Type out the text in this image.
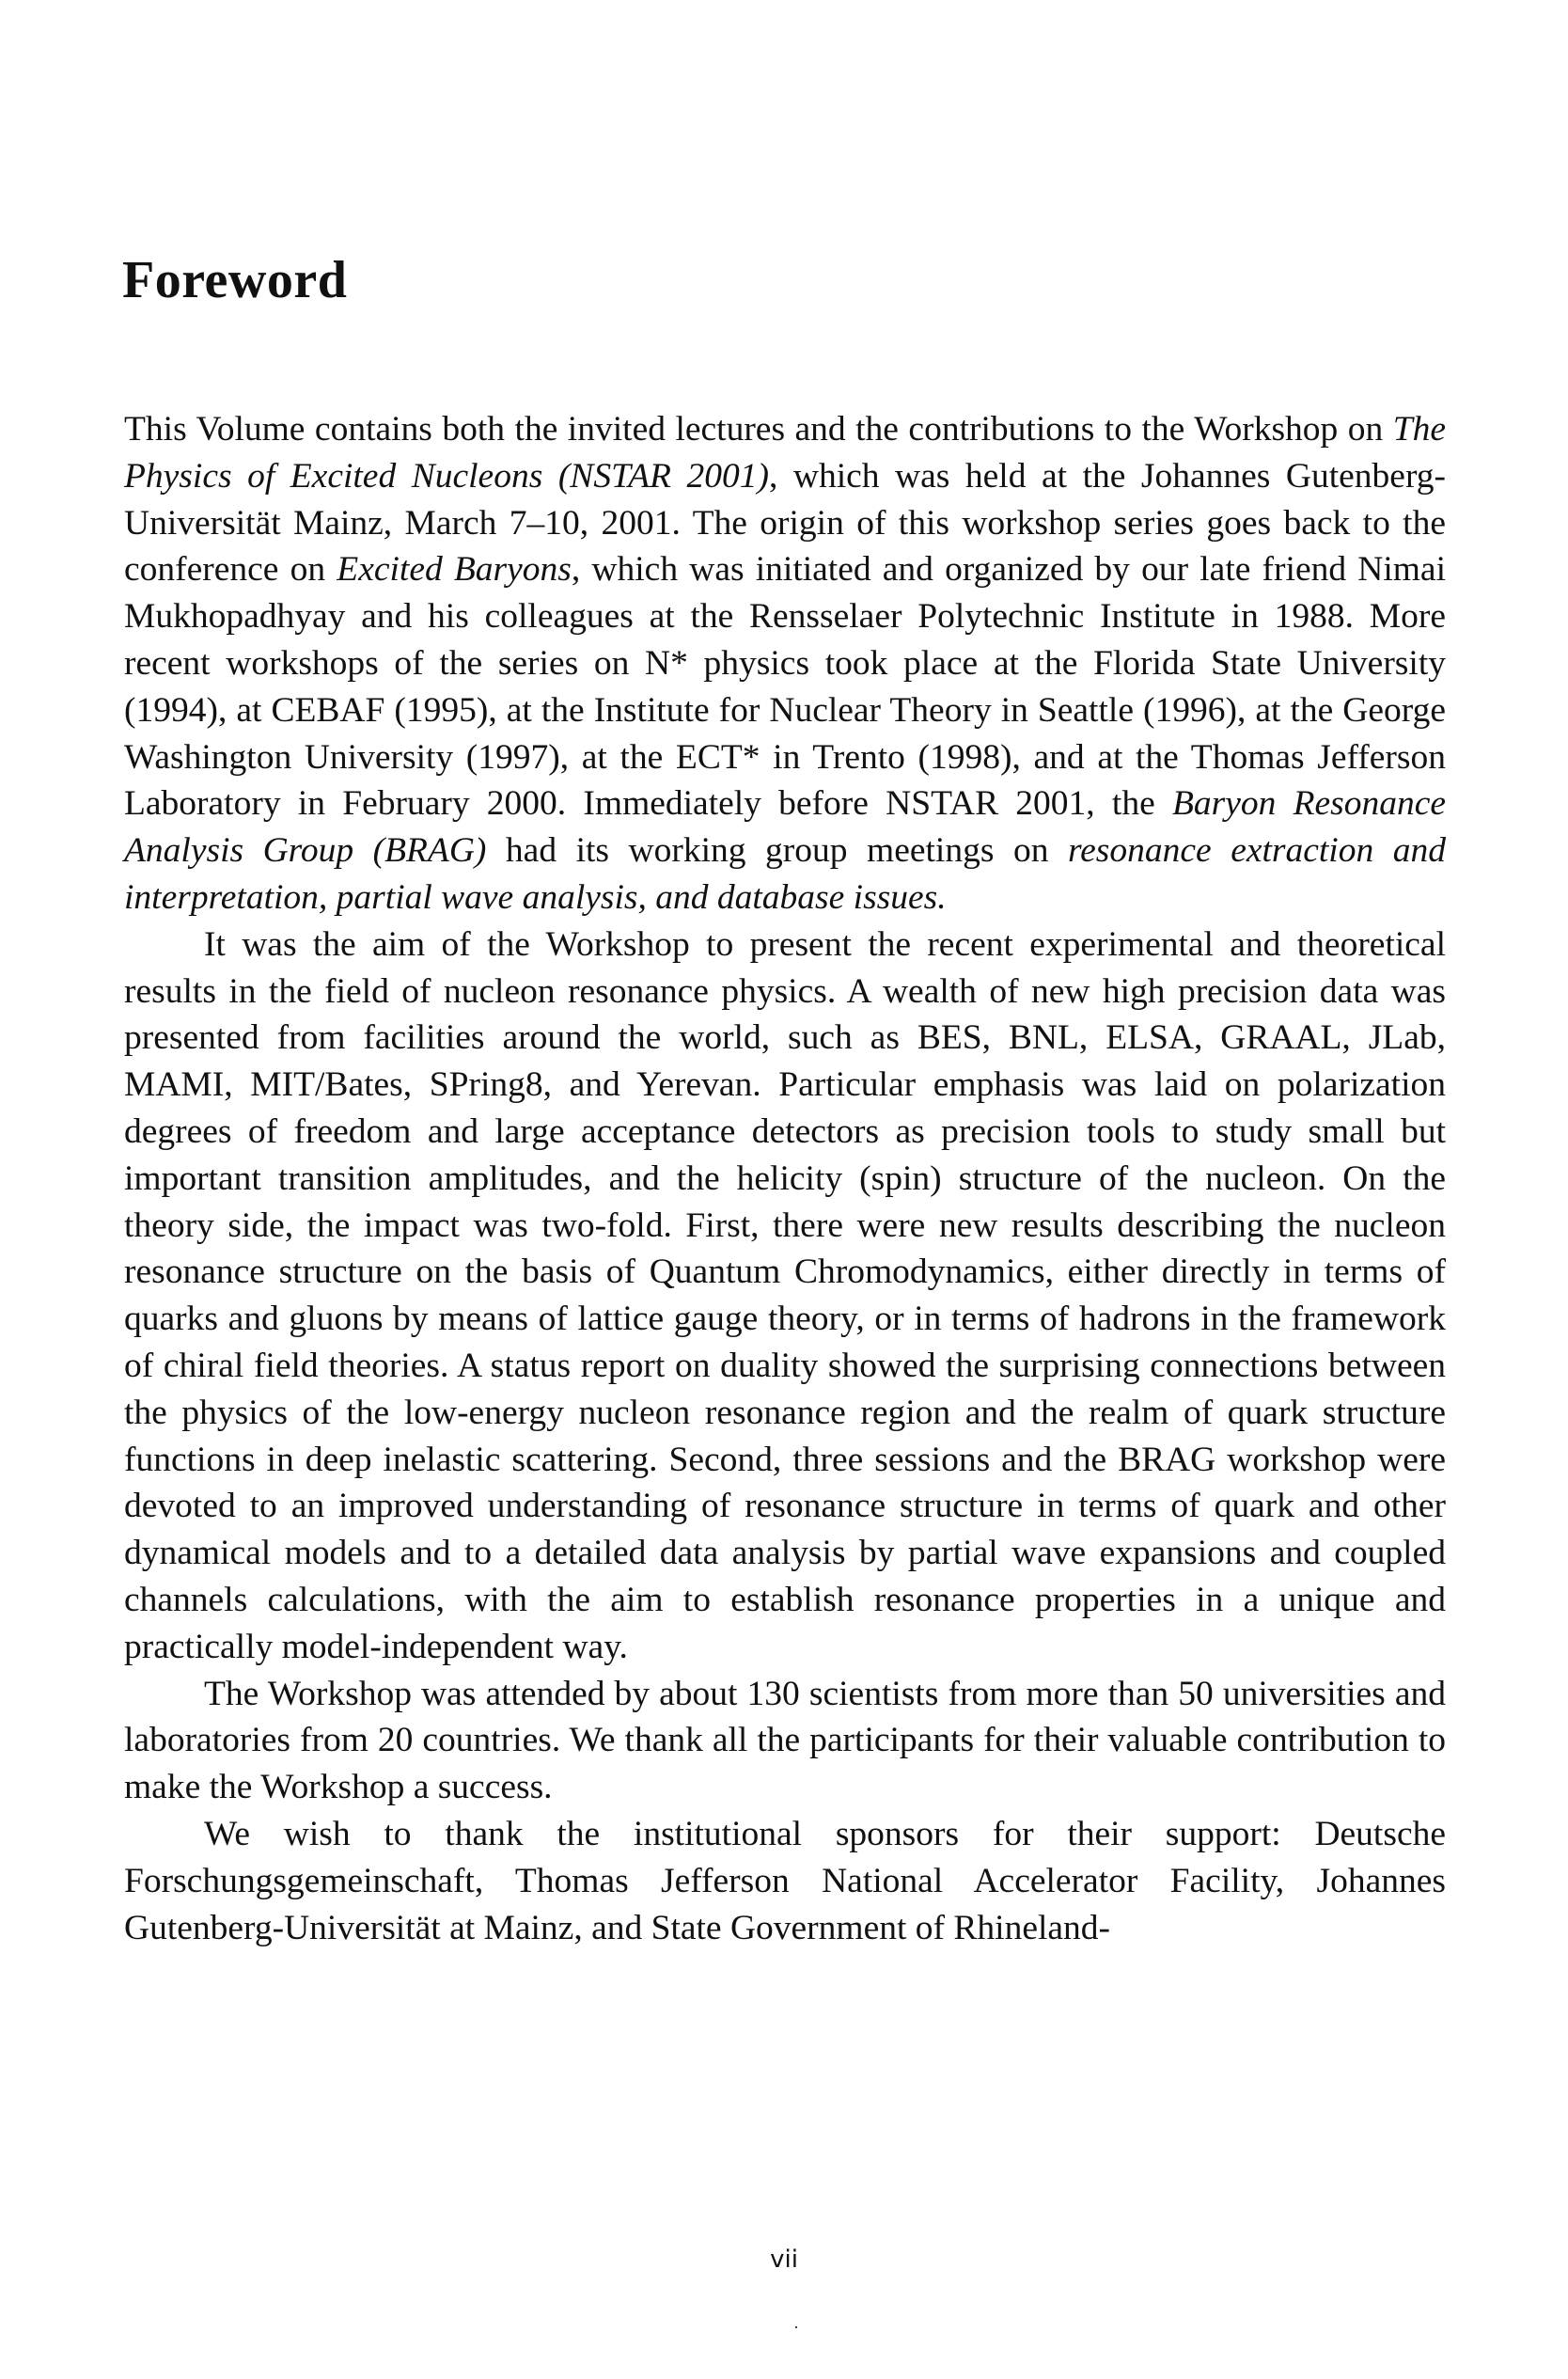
Foreword

This Volume contains both the invited lectures and the contributions to the Workshop on The Physics of Excited Nucleons (NSTAR 2001), which was held at the Johannes Gutenberg-Universität Mainz, March 7–10, 2001. The origin of this workshop series goes back to the conference on Excited Baryons, which was initiated and organized by our late friend Nimai Mukhopadhyay and his colleagues at the Rensselaer Polytechnic Institute in 1988. More recent workshops of the series on N* physics took place at the Florida State University (1994), at CEBAF (1995), at the Institute for Nuclear Theory in Seattle (1996), at the George Washington University (1997), at the ECT* in Trento (1998), and at the Thomas Jefferson Laboratory in February 2000. Immediately before NSTAR 2001, the Baryon Resonance Analysis Group (BRAG) had its working group meetings on resonance extraction and interpretation, partial wave analysis, and database issues.

It was the aim of the Workshop to present the recent experimental and theoretical results in the field of nucleon resonance physics. A wealth of new high precision data was presented from facilities around the world, such as BES, BNL, ELSA, GRAAL, JLab, MAMI, MIT/Bates, SPring8, and Yerevan. Particular emphasis was laid on polarization degrees of freedom and large acceptance detectors as precision tools to study small but important transition amplitudes, and the helicity (spin) structure of the nucleon. On the theory side, the impact was two-fold. First, there were new results describing the nucleon resonance structure on the basis of Quantum Chromodynamics, either directly in terms of quarks and gluons by means of lattice gauge theory, or in terms of hadrons in the framework of chiral field theories. A status report on duality showed the surprising connections between the physics of the low-energy nucleon resonance region and the realm of quark structure functions in deep inelastic scattering. Second, three sessions and the BRAG workshop were devoted to an improved understanding of resonance structure in terms of quark and other dynamical models and to a detailed data analysis by partial wave expansions and coupled channels calculations, with the aim to establish resonance properties in a unique and practically model-independent way.

The Workshop was attended by about 130 scientists from more than 50 universities and laboratories from 20 countries. We thank all the participants for their valuable contribution to make the Workshop a success.

We wish to thank the institutional sponsors for their support: Deutsche Forschungsgemeinschaft, Thomas Jefferson National Accelerator Facility, Johannes Gutenberg-Universität at Mainz, and State Government of Rhineland-

vii
